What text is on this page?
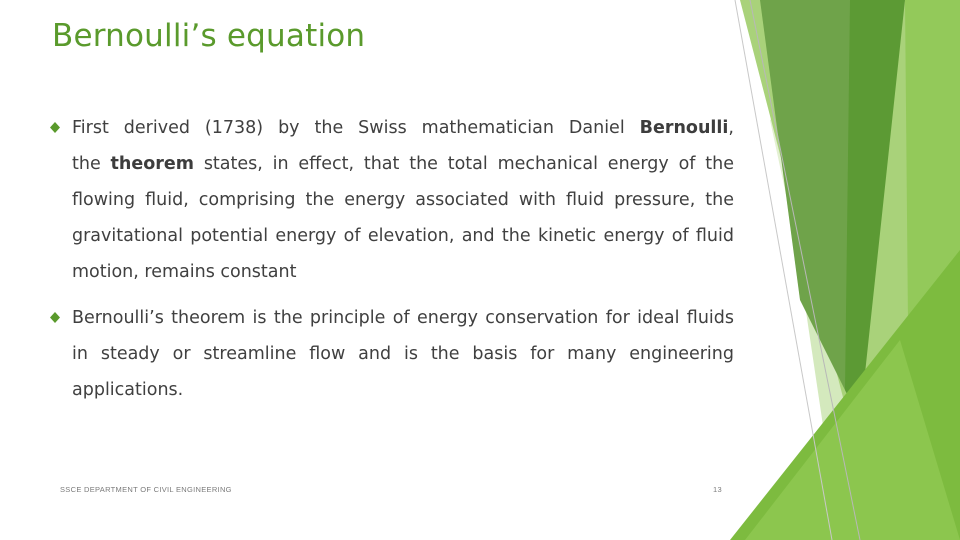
Bernoulli’s equation
First derived (1738) by the Swiss mathematician Daniel Bernoulli,
the theorem states, in effect, that the total mechanical energy of the
flowing fluid, comprising the energy associated with fluid pressure, the
gravitational potential energy of elevation, and the kinetic energy of fluid
motion, remains constant
Bernoulli’s theorem is the principle of energy conservation for ideal fluids
in steady or streamline flow and is the basis for many engineering
applications.
SSCE DEPARTMENT OF CIVIL ENGINEERING	13
